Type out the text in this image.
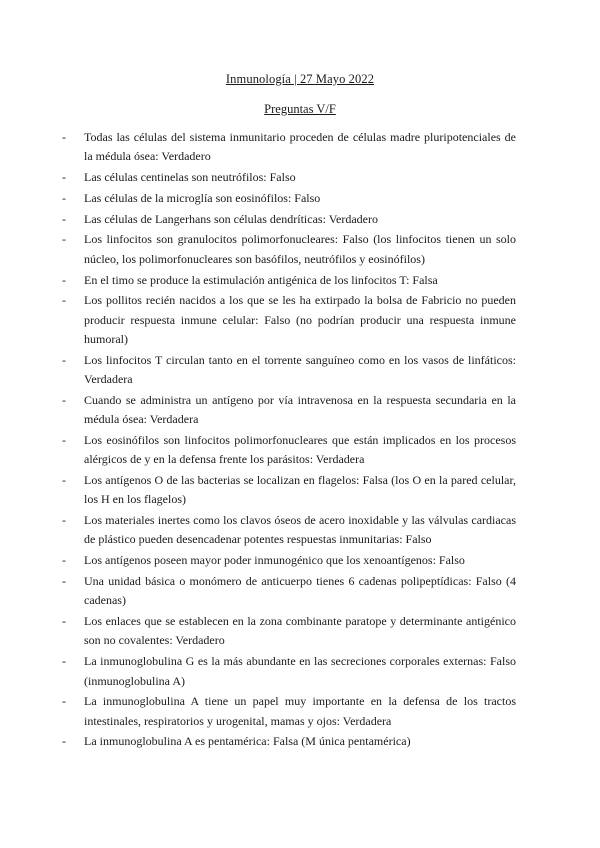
Inmunología | 27 Mayo 2022
Preguntas V/F
-	Todas las células del sistema inmunitario proceden de células madre pluripotenciales de la médula ósea: Verdadero
-	Las células centinelas son neutrófilos: Falso
-	Las células de la microglía son eosinófilos: Falso
-	Las células de Langerhans son células dendríticas: Verdadero
-	Los linfocitos son granulocitos polimorfonucleares: Falso (los linfocitos tienen un solo núcleo, los polimorfonucleares son basófilos, neutrófilos y eosinófilos)
-	En el timo se produce la estimulación antigénica de los linfocitos T: Falsa
-	Los pollitos recién nacidos a los que se les ha extirpado la bolsa de Fabricio no pueden producir respuesta inmune celular: Falso (no podrían producir una respuesta inmune humoral)
-	Los linfocitos T circulan tanto en el torrente sanguíneo como en los vasos de linfáticos: Verdadera
-	Cuando se administra un antígeno por vía intravenosa en la respuesta secundaria en la médula ósea: Verdadera
-	Los eosinófilos son linfocitos polimorfonucleares que están implicados en los procesos alérgicos de y en la defensa frente los parásitos: Verdadera
-	Los antígenos O de las bacterias se localizan en flagelos: Falsa (los O en la pared celular, los H en los flagelos)
-	Los materiales inertes como los clavos óseos de acero inoxidable y las válvulas cardiacas de plástico pueden desencadenar potentes respuestas inmunitarias: Falso
-	Los antígenos poseen mayor poder inmunogénico que los xenoantígenos: Falso
-	Una unidad básica o monómero de anticuerpo tienes 6 cadenas polipeptídicas: Falso (4 cadenas)
-	Los enlaces que se establecen en la zona combinante paratope y determinante antigénico son no covalentes: Verdadero
-	La inmunoglobulina G es la más abundante en las secreciones corporales externas: Falso (inmunoglobulina A)
-	La inmunoglobulina A tiene un papel muy importante en la defensa de los tractos intestinales, respiratorios y urogenital, mamas y ojos: Verdadera
-	La inmunoglobulina A es pentamérica: Falsa (M única pentamérica)
